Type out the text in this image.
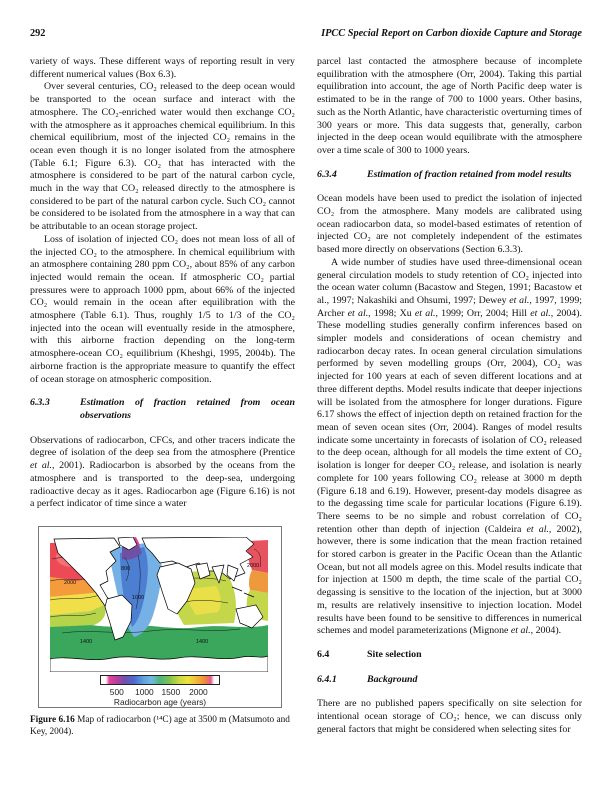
292	IPCC Special Report on Carbon dioxide Capture and Storage

variety of ways. These different ways of reporting result in very different numerical values (Box 6.3).

Over several centuries, CO₂ released to the deep ocean would be transported to the ocean surface and interact with the atmosphere. The CO₂-enriched water would then exchange CO₂ with the atmosphere as it approaches chemical equilibrium. In this chemical equilibrium, most of the injected CO₂ remains in the ocean even though it is no longer isolated from the atmosphere (Table 6.1; Figure 6.3). CO₂ that has interacted with the atmosphere is considered to be part of the natural carbon cycle, much in the way that CO₂ released directly to the atmosphere is considered to be part of the natural carbon cycle. Such CO₂ cannot be considered to be isolated from the atmosphere in a way that can be attributable to an ocean storage project.

Loss of isolation of injected CO₂ does not mean loss of all of the injected CO₂ to the atmosphere. In chemical equilibrium with an atmosphere containing 280 ppm CO₂, about 85% of any carbon injected would remain the ocean. If atmospheric CO₂ partial pressures were to approach 1000 ppm, about 66% of the injected CO₂ would remain in the ocean after equilibration with the atmosphere (Table 6.1). Thus, roughly 1/5 to 1/3 of the CO₂ injected into the ocean will eventually reside in the atmosphere, with this airborne fraction depending on the long-term atmosphere-ocean CO₂ equilibrium (Kheshgi, 1995, 2004b). The airborne fraction is the appropriate measure to quantify the effect of ocean storage on atmospheric composition.

6.3.3	Estimation of fraction retained from ocean observations

Observations of radiocarbon, CFCs, and other tracers indicate the degree of isolation of the deep sea from the atmosphere (Prentice et al., 2001). Radiocarbon is absorbed by the oceans from the atmosphere and is transported to the deep-sea, undergoing radioactive decay as it ages. Radiocarbon age (Figure 6.16) is not a perfect indicator of time since a water

2000
800
1000
1400	1400
2000
500 1000 1500 2000
Radiocarbon age (years)
Figure 6.16 Map of radiocarbon (¹⁴C) age at 3500 m (Matsumoto and Key, 2004).

parcel last contacted the atmosphere because of incomplete equilibration with the atmosphere (Orr, 2004). Taking this partial equilibration into account, the age of North Pacific deep water is estimated to be in the range of 700 to 1000 years. Other basins, such as the North Atlantic, have characteristic overturning times of 300 years or more. This data suggests that, generally, carbon injected in the deep ocean would equilibrate with the atmosphere over a time scale of 300 to 1000 years.

6.3.4	Estimation of fraction retained from model results

Ocean models have been used to predict the isolation of injected CO₂ from the atmosphere. Many models are calibrated using ocean radiocarbon data, so model-based estimates of retention of injected CO₂ are not completely independent of the estimates based more directly on observations (Section 6.3.3).

A wide number of studies have used three-dimensional ocean general circulation models to study retention of CO₂ injected into the ocean water column (Bacastow and Stegen, 1991; Bacastow et al., 1997; Nakashiki and Ohsumi, 1997; Dewey et al., 1997, 1999; Archer et al., 1998; Xu et al., 1999; Orr, 2004; Hill et al., 2004). These modelling studies generally confirm inferences based on simpler models and considerations of ocean chemistry and radiocarbon decay rates. In ocean general circulation simulations performed by seven modelling groups (Orr, 2004), CO₂ was injected for 100 years at each of seven different locations and at three different depths. Model results indicate that deeper injections will be isolated from the atmosphere for longer durations. Figure 6.17 shows the effect of injection depth on retained fraction for the mean of seven ocean sites (Orr, 2004). Ranges of model results indicate some uncertainty in forecasts of isolation of CO₂ released to the deep ocean, although for all models the time extent of CO₂ isolation is longer for deeper CO₂ release, and isolation is nearly complete for 100 years following CO₂ release at 3000 m depth (Figure 6.18 and 6.19). However, present-day models disagree as to the degassing time scale for particular locations (Figure 6.19). There seems to be no simple and robust correlation of CO₂ retention other than depth of injection (Caldeira et al., 2002), however, there is some indication that the mean fraction retained for stored carbon is greater in the Pacific Ocean than the Atlantic Ocean, but not all models agree on this. Model results indicate that for injection at 1500 m depth, the time scale of the partial CO₂ degassing is sensitive to the location of the injection, but at 3000 m, results are relatively insensitive to injection location. Model results have been found to be sensitive to differences in numerical schemes and model parameterizations (Mignone et al., 2004).

6.4	Site selection
6.4.1	Background

There are no published papers specifically on site selection for intentional ocean storage of CO₂; hence, we can discuss only general factors that might be considered when selecting sites for
